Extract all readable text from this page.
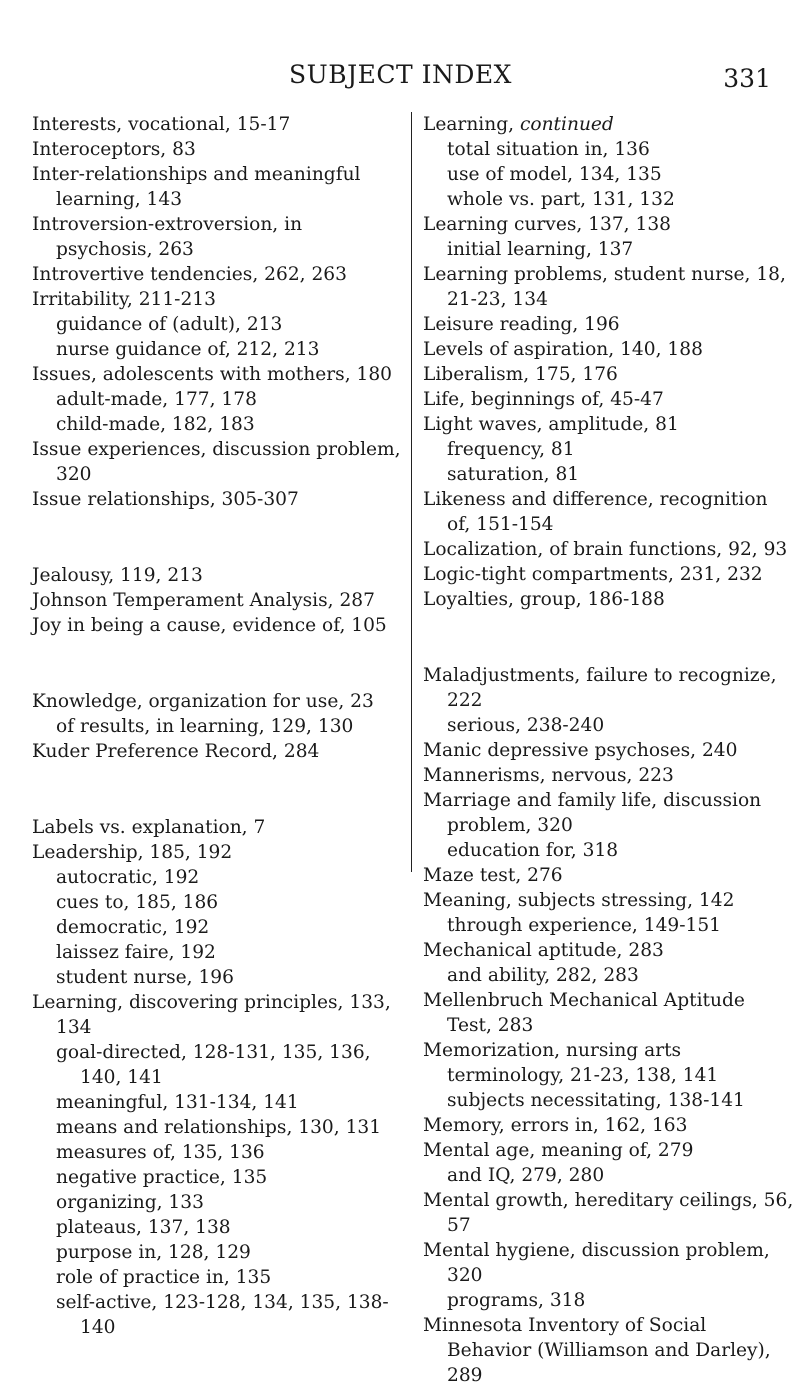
SUBJECT INDEX	331

Interests, vocational, 15-17

Interoceptors, 83

Inter-relationships and meaningful learning, 143

Introversion-extroversion, in psychosis, 263

Introvertive tendencies, 262, 263

Irritability, 211-213

guidance of (adult), 213

nurse guidance of, 212, 213

Issues, adolescents with mothers, 180

adult-made, 177, 178

child-made, 182, 183

Issue experiences, discussion problem, 320

Issue relationships, 305-307

Jealousy, 119, 213

Johnson Temperament Analysis, 287

Joy in being a cause, evidence of, 105

Knowledge, organization for use, 23

of results, in learning, 129, 130

Kuder Preference Record, 284

Labels vs. explanation, 7

Leadership, 185, 192

autocratic, 192

cues to, 185, 186

democratic, 192

laissez faire, 192

student nurse, 196

Learning, discovering principles, 133, 134

goal-directed, 128-131, 135, 136, 140, 141

meaningful, 131-134, 141

means and relationships, 130, 131

measures of, 135, 136

negative practice, 135

organizing, 133

plateaus, 137, 138

purpose in, 128, 129

role of practice in, 135

self-active, 123-128, 134, 135, 138-140

Learning, continued

total situation in, 136

use of model, 134, 135

whole vs. part, 131, 132

Learning curves, 137, 138

initial learning, 137

Learning problems, student nurse, 18, 21-23, 134

Leisure reading, 196

Levels of aspiration, 140, 188

Liberalism, 175, 176

Life, beginnings of, 45-47

Light waves, amplitude, 81

frequency, 81

saturation, 81

Likeness and difference, recognition of, 151-154

Localization, of brain functions, 92, 93

Logic-tight compartments, 231, 232

Loyalties, group, 186-188

Maladjustments, failure to recognize, 222

serious, 238-240

Manic depressive psychoses, 240

Mannerisms, nervous, 223

Marriage and family life, discussion problem, 320

education for, 318

Maze test, 276

Meaning, subjects stressing, 142

through experience, 149-151

Mechanical aptitude, 283

and ability, 282, 283

Mellenbruch Mechanical Aptitude Test, 283

Memorization, nursing arts terminology, 21-23, 138, 141

subjects necessitating, 138-141

Memory, errors in, 162, 163

Mental age, meaning of, 279

and IQ, 279, 280

Mental growth, hereditary ceilings, 56, 57

Mental hygiene, discussion problem, 320

programs, 318

Minnesota Inventory of Social Behavior (Williamson and Darley), 289
